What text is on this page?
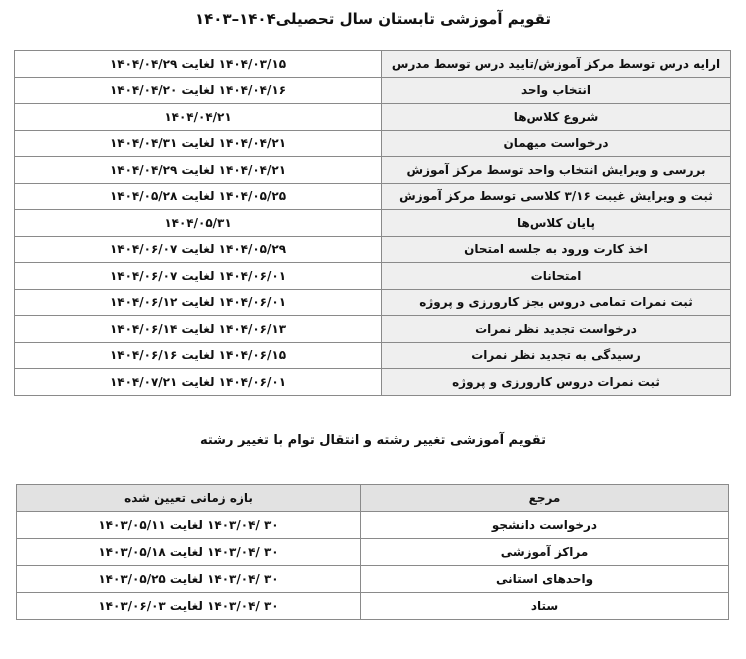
تقویم آموزشی تابستان سال تحصیلی۱۴۰۴–۱۴۰۳
ارایه درس توسط مرکز آموزش/تایید درس توسط مدرس	۱۴۰۴/۰۳/۱۵ لغایت ۱۴۰۴/۰۴/۲۹
انتخاب واحد	۱۴۰۴/۰۴/۱۶ لغایت ۱۴۰۴/۰۴/۲۰
شروع کلاس‌ها	۱۴۰۴/۰۴/۲۱
درخواست میهمان	۱۴۰۴/۰۴/۲۱ لغایت ۱۴۰۴/۰۴/۳۱
بررسی و ویرایش انتخاب واحد توسط مرکز آموزش	۱۴۰۴/۰۴/۲۱ لغایت ۱۴۰۴/۰۴/۲۹
ثبت و ویرایش غیبت ۳/۱۶ کلاسی توسط مرکز آموزش	۱۴۰۴/۰۵/۲۵ لغایت ۱۴۰۴/۰۵/۲۸
پایان کلاس‌ها	۱۴۰۴/۰۵/۳۱
اخذ کارت ورود به جلسه امتحان	۱۴۰۴/۰۵/۲۹ لغایت ۱۴۰۴/۰۶/۰۷
امتحانات	۱۴۰۴/۰۶/۰۱ لغایت ۱۴۰۴/۰۶/۰۷
ثبت نمرات تمامی دروس بجز کارورزی و پروژه	۱۴۰۴/۰۶/۰۱ لغایت ۱۴۰۴/۰۶/۱۲
درخواست تجدید نظر نمرات	۱۴۰۴/۰۶/۱۳ لغایت ۱۴۰۴/۰۶/۱۴
رسیدگی به تجدید نظر نمرات	۱۴۰۴/۰۶/۱۵ لغایت ۱۴۰۴/۰۶/۱۶
ثبت نمرات دروس کارورزی و پروژه	۱۴۰۴/۰۶/۰۱ لغایت ۱۴۰۴/۰۷/۲۱
تقویم آموزشی تغییر رشته و انتقال توام با تغییر رشته
مرجع	بازه زمانی تعیین شده
درخواست دانشجو	۳۰ /۱۴۰۳/۰۴ لغایت ۱۴۰۳/۰۵/۱۱
مراکز آموزشی	۳۰ /۱۴۰۳/۰۴ لغایت ۱۴۰۳/۰۵/۱۸
واحدهای استانی	۳۰ /۱۴۰۳/۰۴ لغایت ۱۴۰۳/۰۵/۲۵
ستاد	۳۰ /۱۴۰۳/۰۴ لغایت ۱۴۰۳/۰۶/۰۳
